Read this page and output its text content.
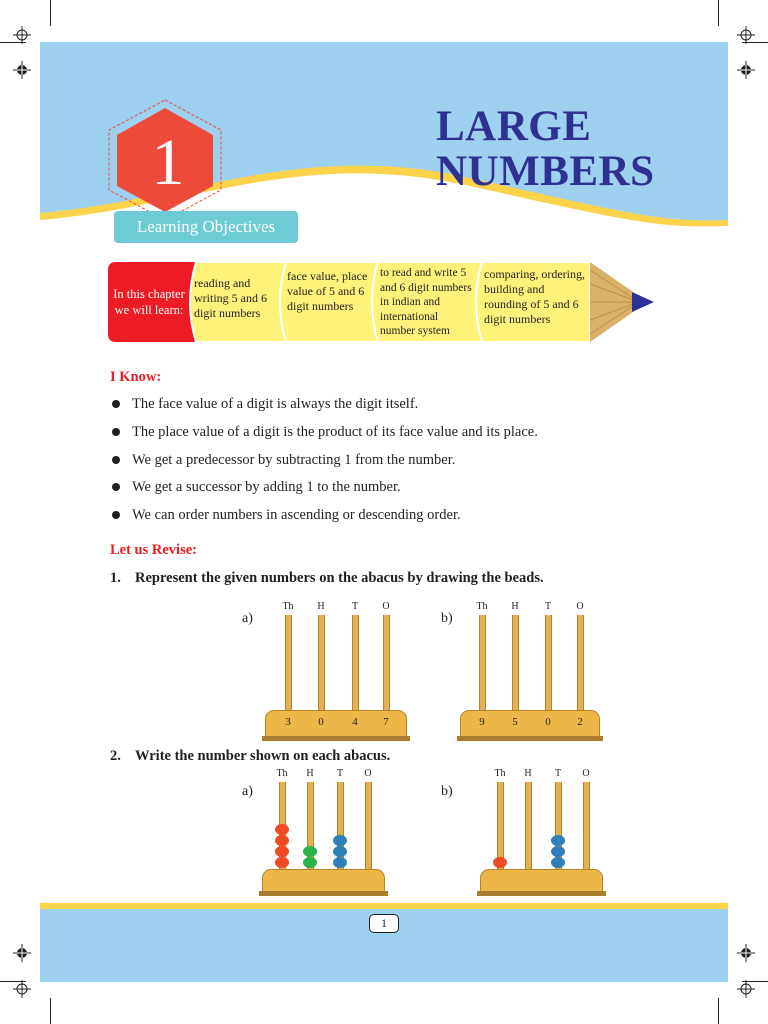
1	LARGE
NUMBERS
Learning Objectives
In this chapter we will learn:
reading and writing 5 and 6 digit numbers
face value, place value of 5 and 6 digit numbers
to read and write 5 and 6 digit numbers in indian and international number system
comparing, ordering, building and rounding of 5 and 6 digit numbers
I Know:
The face value of a digit is always the digit itself.
The place value of a digit is the product of its face value and its place.
We get a predecessor by subtracting 1 from the number.
We get a successor by adding 1 to the number.
We can order numbers in ascending or descending order.
Let us Revise:
1. Represent the given numbers on the abacus by drawing the beads.
a)	b)
Th	H	T	O
3	0	4	7
Th	H	T	O
9	5	0	2
2. Write the number shown on each abacus.
a)	b)
Th	H	T	O	Th	H	T	O
1
